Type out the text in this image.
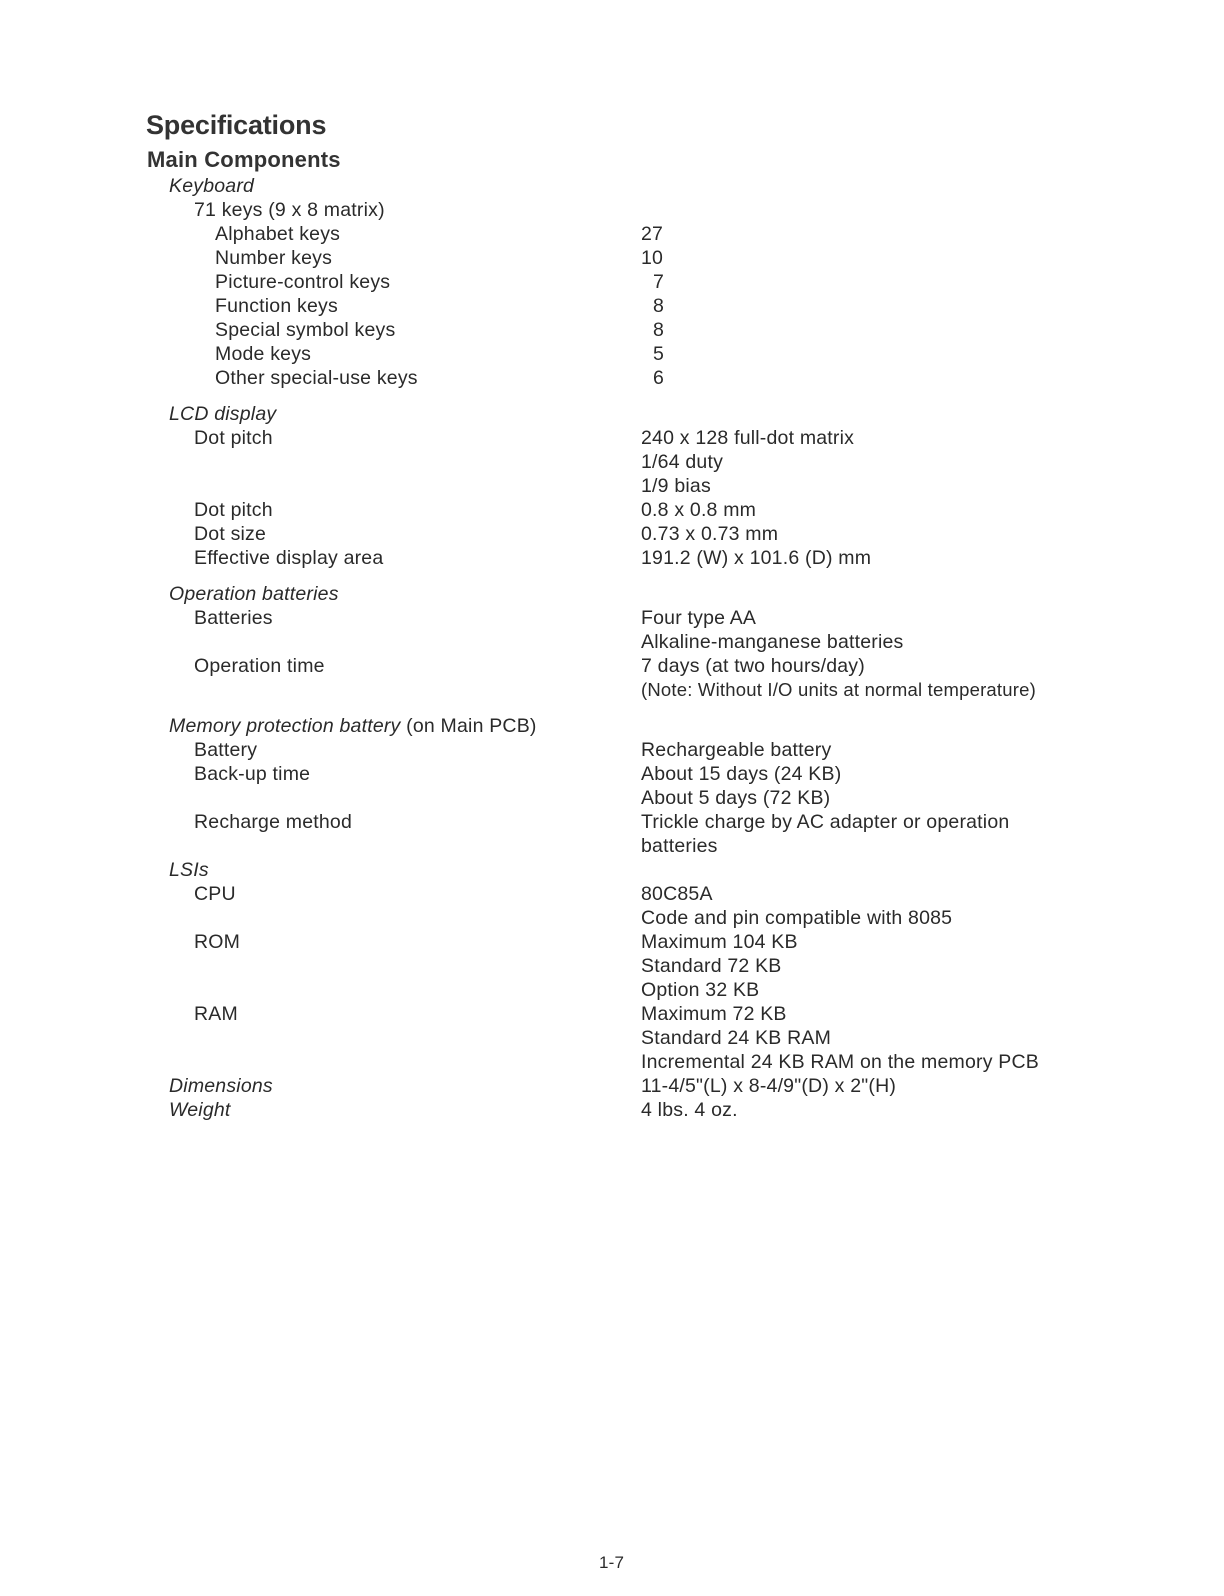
Specifications
Main Components
Keyboard
71 keys (9 x 8 matrix)
Alphabet keys	27
Number keys	10
Picture-control keys	7
Function keys	8
Special symbol keys	8
Mode keys	5
Other special-use keys	6
LCD display
Dot pitch	240 x 128 full-dot matrix
1/64 duty
1/9 bias
Dot pitch	0.8 x 0.8 mm
Dot size	0.73 x 0.73 mm
Effective display area	191.2 (W) x 101.6 (D) mm
Operation batteries
Batteries	Four type AA
Alkaline-manganese batteries
Operation time	7 days (at two hours/day)
(Note: Without I/O units at normal temperature)
Memory protection battery (on Main PCB)
Battery	Rechargeable battery
Back-up time	About 15 days (24 KB)
About 5 days (72 KB)
Recharge method	Trickle charge by AC adapter or operation
batteries
LSIs
CPU	80C85A
Code and pin compatible with 8085
ROM	Maximum 104 KB
Standard 72 KB
Option 32 KB
RAM	Maximum 72 KB
Standard 24 KB RAM
Incremental 24 KB RAM on the memory PCB
Dimensions	11-4/5"(L) x 8-4/9"(D) x 2"(H)
Weight	4 lbs. 4 oz.
1-7
